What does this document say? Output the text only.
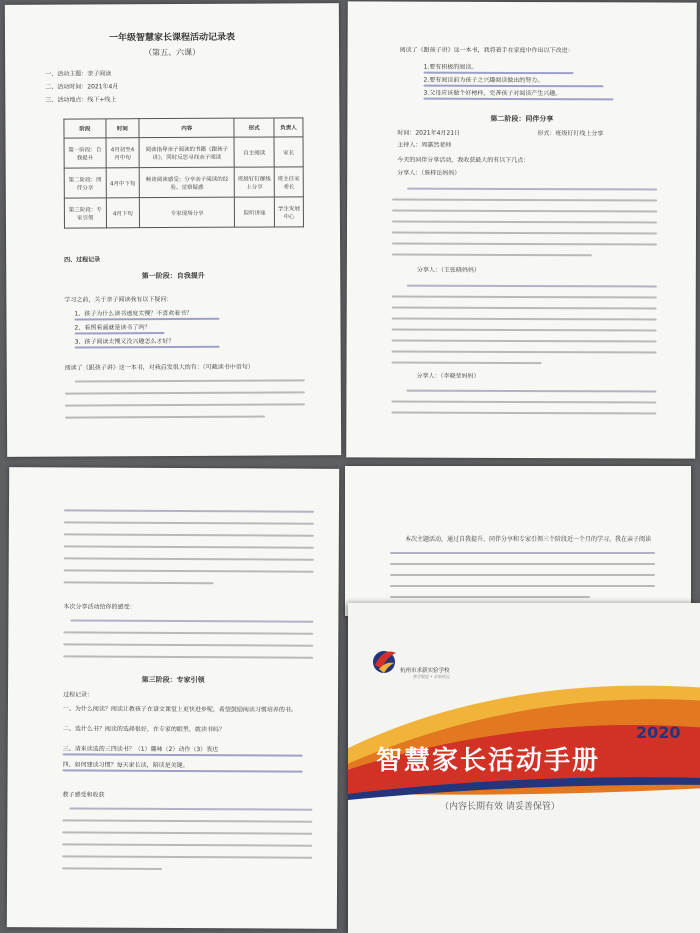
一年级智慧家长课程活动记录表
（第五、六课）
一、活动主题：亲子阅读
二、活动时间：2021年4月
三、活动地点：线下+线上
阶段	时间	内容	形式	负责人
第一阶段：自我提升	4月初至4月中旬	阅读指导亲子阅读的书籍《跟孩子讲》，同时反思寻找亲子阅读	自主阅读	家长
第二阶段：同伴分享	4月中下旬	畅谈阅读感受；分享亲子阅读的经验、觉察疑惑	班级钉钉群线上分享	班主任家委长
第三阶段：专家引领	4月下旬	专家现场分享	院听讲座	学生发展中心
四、过程记录
第一阶段：自我提升
学习之前，关于亲子阅读我有以下疑问：
1、孩子为什么读书速度太慢？不喜欢看书？
2、看图看画就是读书了吗？
3、孩子阅读太慢又没兴趣怎么才好？
阅读了《跟孩子讲》这一本书，对我启发很大的有：（可截读书中语句）
阅读了《跟孩子讲》这一本书，我将着手在家庭中作出以下改进：
1.要有积极的阅读。
2.要有阅读前为孩子之兴趣阅读做出的努力。
3.父母应该做个好榜样，完善孩子对阅读产生兴趣。
第二阶段：同伴分享
时间：2021年4月21日	形式：班级钉钉线上分享
主持人：周嘉然老师
今天的同伴分享活动，我收获最大的有以下几点：
分享人：（詹梓岳妈妈）
分享人：（王张晓妈妈）
分享人：（李晓莹妈妈）
本次分享活动给你的感受：
第三阶段：专家引领
过程记录：
一、为什么阅读？阅读让教孩子在语文课堂上更快进步呢，希望鼓励阅读习惯培养的书。
二、选什么书？阅读的选择很好，在专家的眼里，就读书吗？
三、请来读选的三四读书？（1）趣味（2）动作（3）表达
四、如何建读习惯？每天家长读，陪读是关键。
教子感受和收获
本次主题活动，通过自我提升、同伴分享和专家引领三个阶段近一个月的学习，我在亲子阅读
杭州市求新实验学校
善学敏思 • 求新致远
2020
智慧家长活动手册
（内容长期有效 请妥善保管）
